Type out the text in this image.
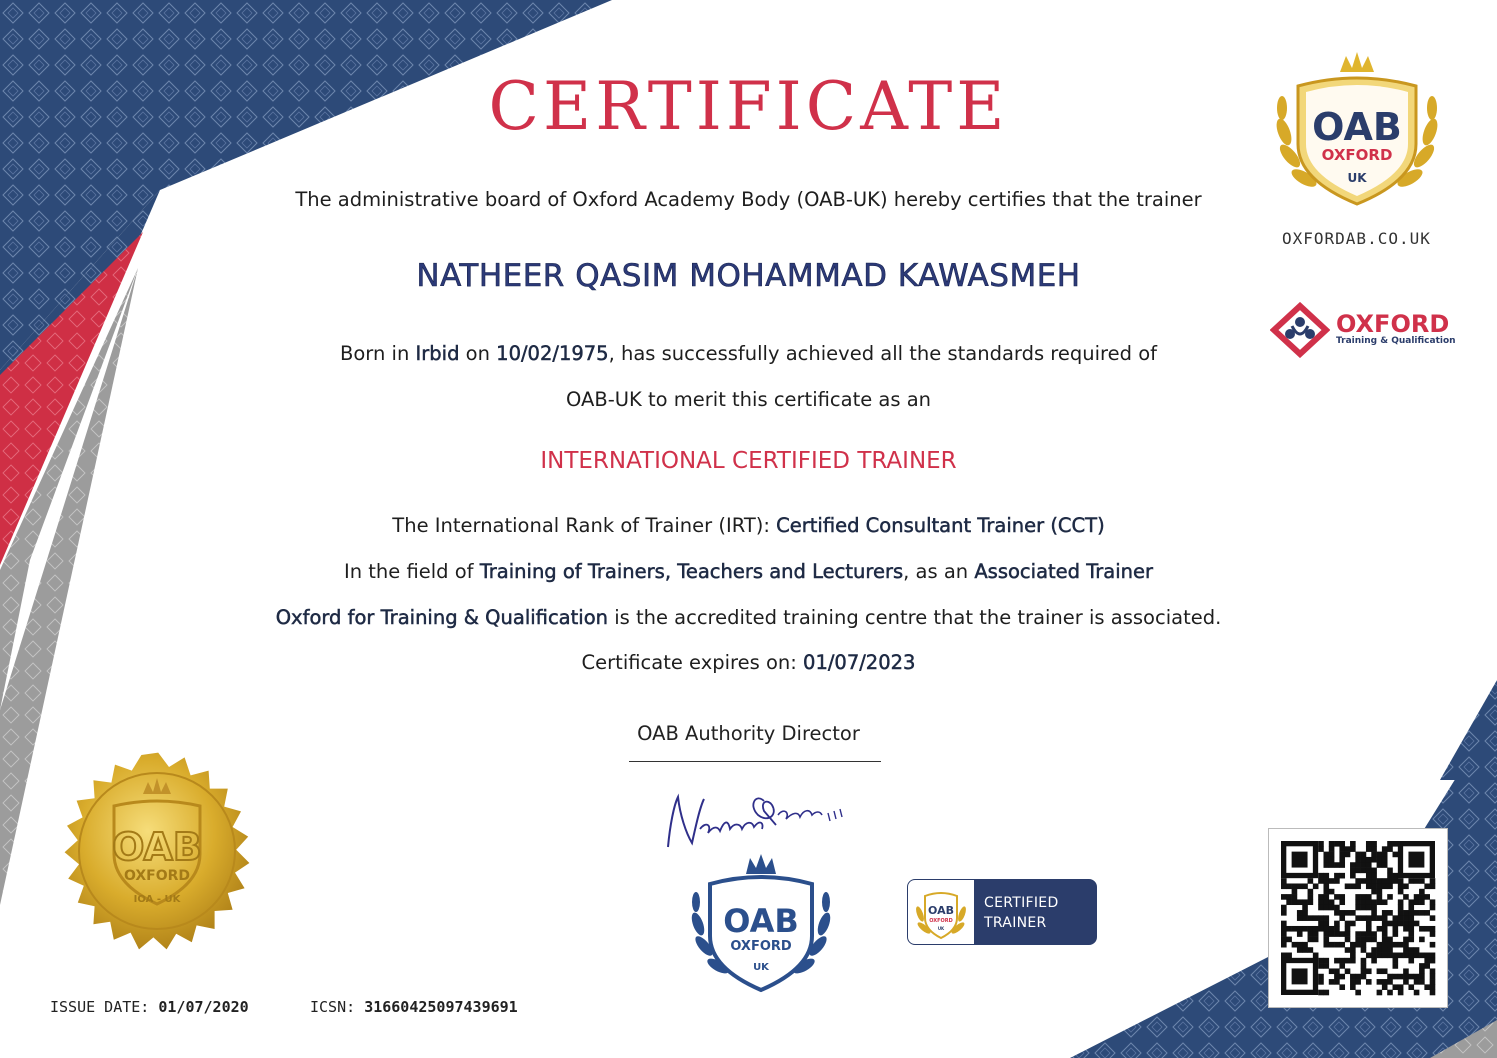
CERTIFICATE
The administrative board of Oxford Academy Body (OAB-UK) hereby certifies that the trainer
NATHEER QASIM MOHAMMAD KAWASMEH
Born in Irbid on 10/02/1975, has successfully achieved all the standards required of
OAB-UK to merit this certificate as an
INTERNATIONAL CERTIFIED TRAINER
The International Rank of Trainer (IRT): Certified Consultant Trainer (CCT)
In the field of Training of Trainers, Teachers and Lecturers, as an Associated Trainer
Oxford for Training & Qualification is the accredited training centre that the trainer is associated.
Certificate expires on: 01/07/2023
OAB Authority Director
OAB
OXFORD
UK
OXFORDAB.CO.UK
OXFORD
Training & Qualification
OAB
OXFORD
IOA - UK
OAB
OXFORD
UK
OAB
OXFORD
UK
CERTIFIED
TRAINER
ISSUE DATE: 01/07/2020	ICSN: 31660425097439691
